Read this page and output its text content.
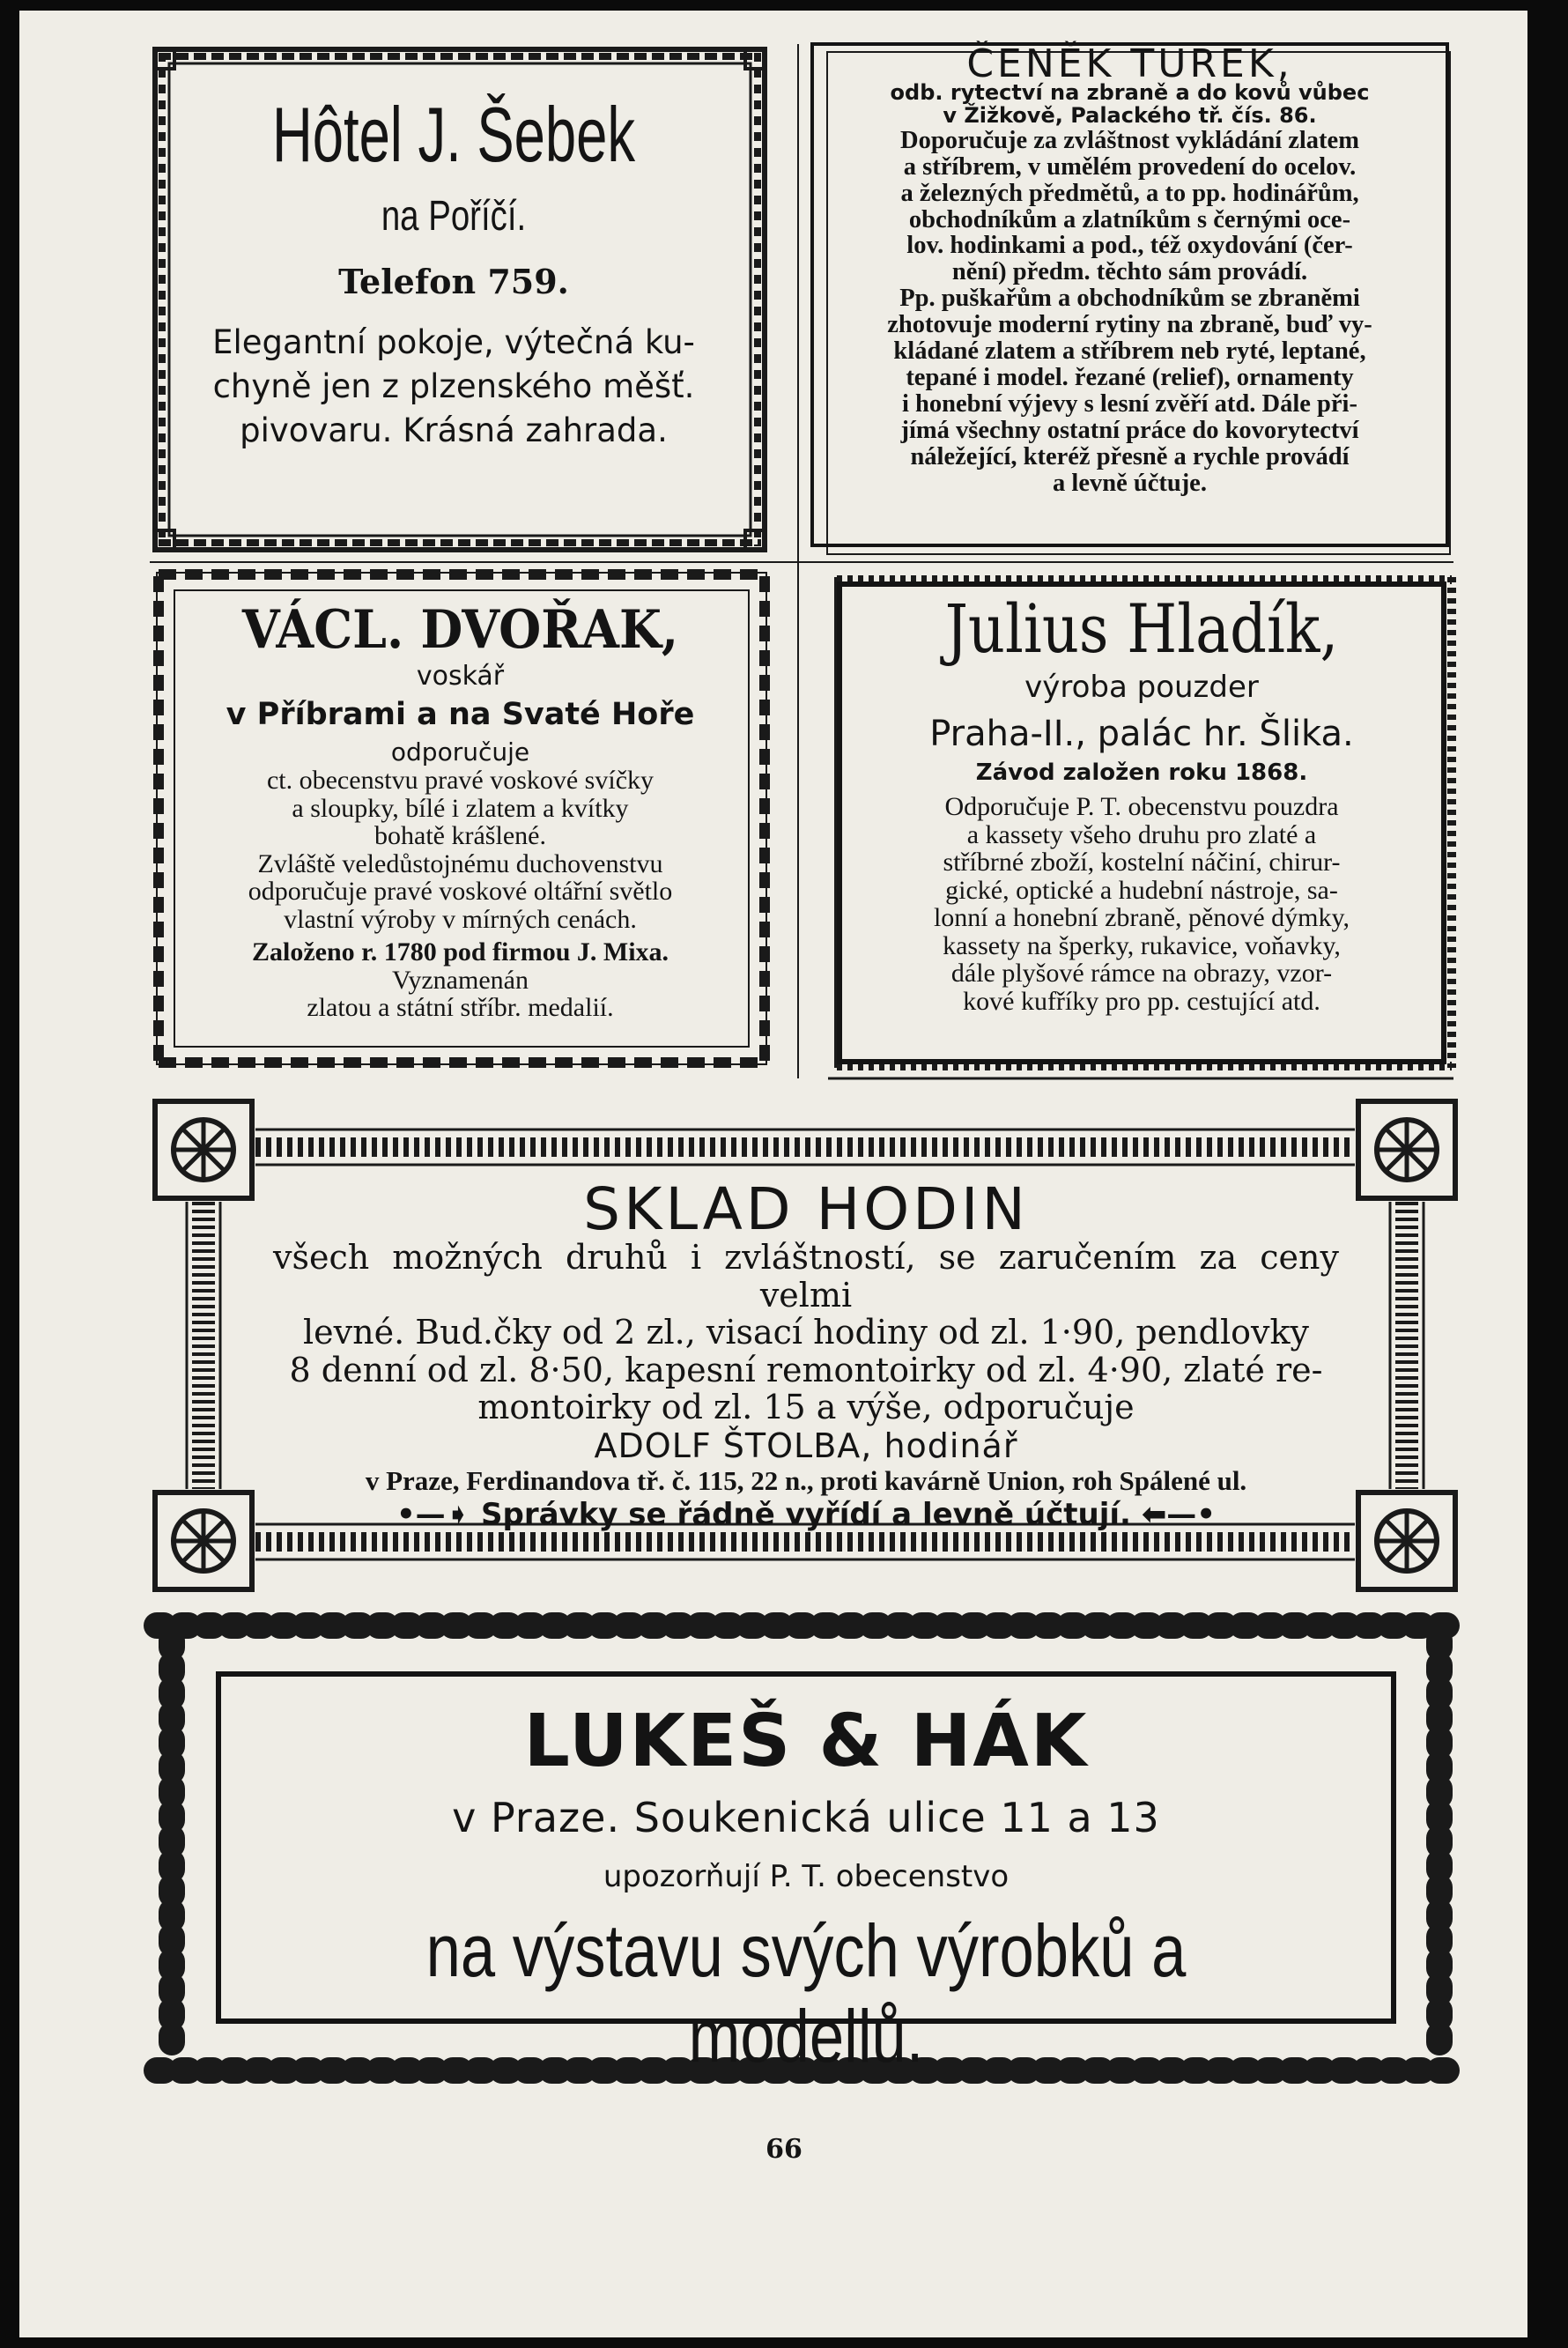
Hôtel J. Šebek
na Poříčí.
Telefon 759.
Elegantní pokoje, výtečná ku-
chyně jen z plzenského měšť.
pivovaru. Krásná zahrada.
ČENĚK TUREK,
odb. rytectví na zbraně a do kovů vůbec
v Žižkově, Palackého tř. čís. 86.
Doporučuje za zvláštnost vykládání zlatem
a stříbrem, v umělém provedení do ocelov.
a železných předmětů, a to pp. hodinářům,
obchodníkům a zlatníkům s černými oce-
lov. hodinkami a pod., též oxydování (čer-
nění) předm. těchto sám provádí.
Pp. puškařům a obchodníkům se zbraněmi
zhotovuje moderní rytiny na zbraně, buď vy-
kládané zlatem a stříbrem neb ryté, leptané,
tepané i model. řezané (relief), ornamenty
i honební výjevy s lesní zvěří atd. Dále při-
jímá všechny ostatní práce do kovorytectví
náležející, kteréž přesně a rychle provádí
a levně účtuje.
VÁCL. DVOŘAK,
voskář
v Příbrami a na Svaté Hoře
odporučuje
ct. obecenstvu pravé voskové svíčky
a sloupky, bílé i zlatem a kvítky
bohatě krášlené.
Zvláště veledůstojnému duchovenstvu
odporučuje pravé voskové oltářní světlo
vlastní výroby v mírných cenách.
Založeno r. 1780 pod firmou J. Mixa.
Vyznamenán
zlatou a státní stříbr. medalií.
Julius Hladík,
výroba pouzder
Praha-II., palác hr. Šlika.
Závod založen roku 1868.
Odporučuje P. T. obecenstvu pouzdra
a kassety všeho druhu pro zlaté a
stříbrné zboží, kostelní náčiní, chirur-
gické, optické a hudební nástroje, sa-
lonní a honební zbraně, pěnové dýmky,
kassety na šperky, rukavice, voňavky,
dále plyšové rámce na obrazy, vzor-
kové kufříky pro pp. cestující atd.
SKLAD HODIN
všech možných druhů i zvláštností, se zaručením za ceny velmi
levné. Bud.čky od 2 zl., visací hodiny od zl. 1·90, pendlovky
8 denní od zl. 8·50, kapesní remontoirky od zl. 4·90, zlaté re-
montoirky od zl. 15 a výše, odporučuje
ADOLF ŠTOLBA, hodinář
v Praze, Ferdinandova tř. č. 115, 22 n., proti kavárně Union, roh Spálené ul.
•—➧ Správky se řádně vyřídí a levně účtují. ⬅—•
LUKEŠ & HÁK
v Praze. Soukenická ulice 11 a 13
upozorňují P. T. obecenstvo
na výstavu svých výrobků a modellů.
66
